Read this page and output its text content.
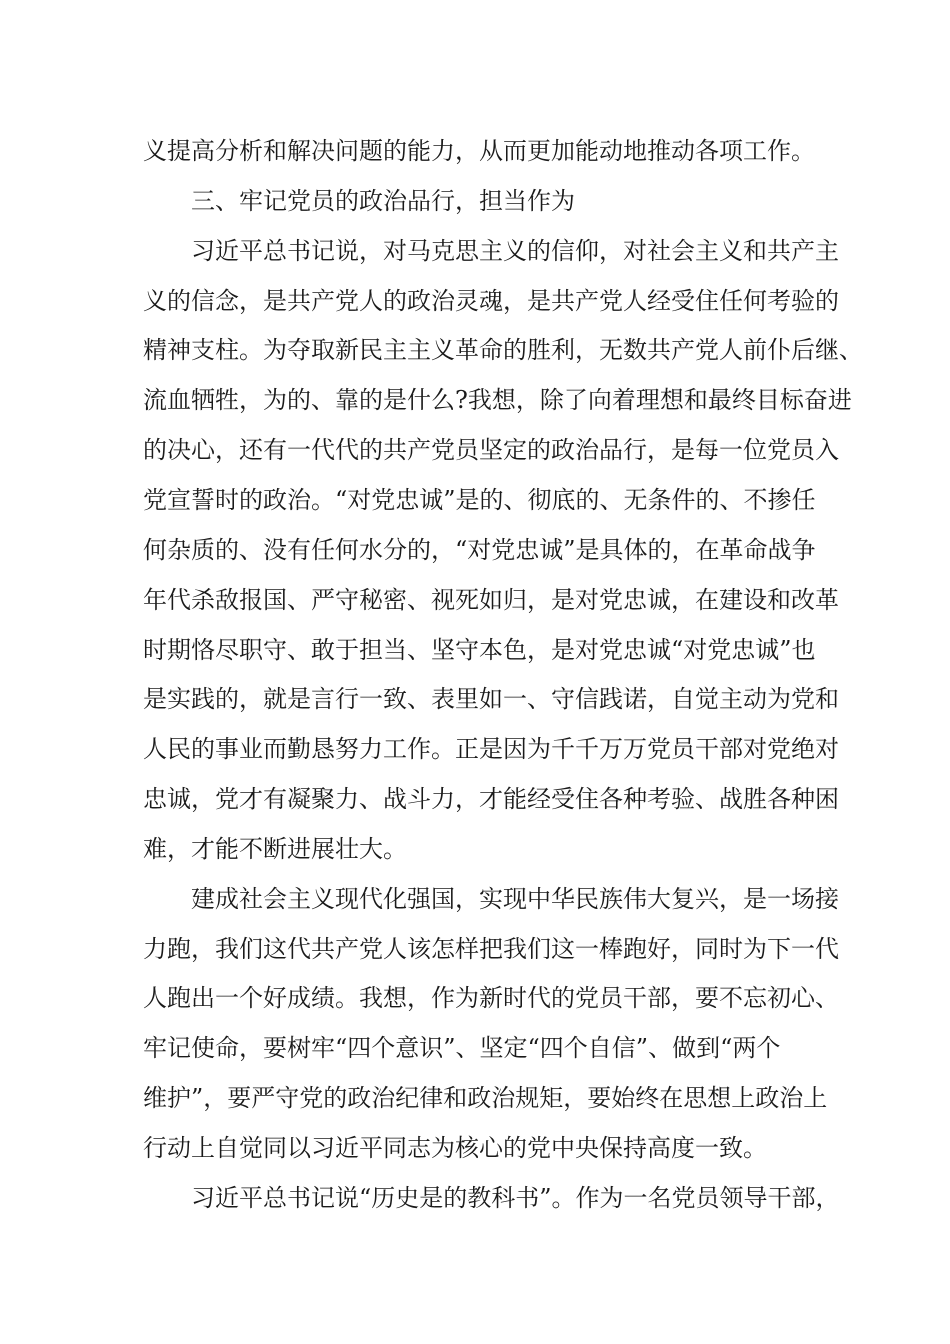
义提高分析和解决问题的能力，从而更加能动地推动各项工作。
三、牢记党员的政治品行，担当作为
习近平总书记说，对马克思主义的信仰，对社会主义和共产主
义的信念，是共产党人的政治灵魂，是共产党人经受住任何考验的
精神支柱。为夺取新民主主义革命的胜利，无数共产党人前仆后继、
流血牺牲，为的、靠的是什么?我想，除了向着理想和最终目标奋进
的决心，还有一代代的共产党员坚定的政治品行，是每一位党员入
党宣誓时的政治。“对党忠诚”是的、彻底的、无条件的、不掺任
何杂质的、没有任何水分的，“对党忠诚”是具体的，在革命战争
年代杀敌报国、严守秘密、视死如归，是对党忠诚，在建设和改革
时期恪尽职守、敢于担当、坚守本色，是对党忠诚“对党忠诚”也
是实践的，就是言行一致、表里如一、守信践诺，自觉主动为党和
人民的事业而勤恳努力工作。正是因为千千万万党员干部对党绝对
忠诚，党才有凝聚力、战斗力，才能经受住各种考验、战胜各种困
难，才能不断进展壮大。
建成社会主义现代化强国，实现中华民族伟大复兴，是一场接
力跑，我们这代共产党人该怎样把我们这一棒跑好，同时为下一代
人跑出一个好成绩。我想，作为新时代的党员干部，要不忘初心、
牢记使命，要树牢“四个意识”、坚定“四个自信”、做到“两个
维护”，要严守党的政治纪律和政治规矩，要始终在思想上政治上
行动上自觉同以习近平同志为核心的党中央保持高度一致。
习近平总书记说“历史是的教科书”。作为一名党员领导干部，
